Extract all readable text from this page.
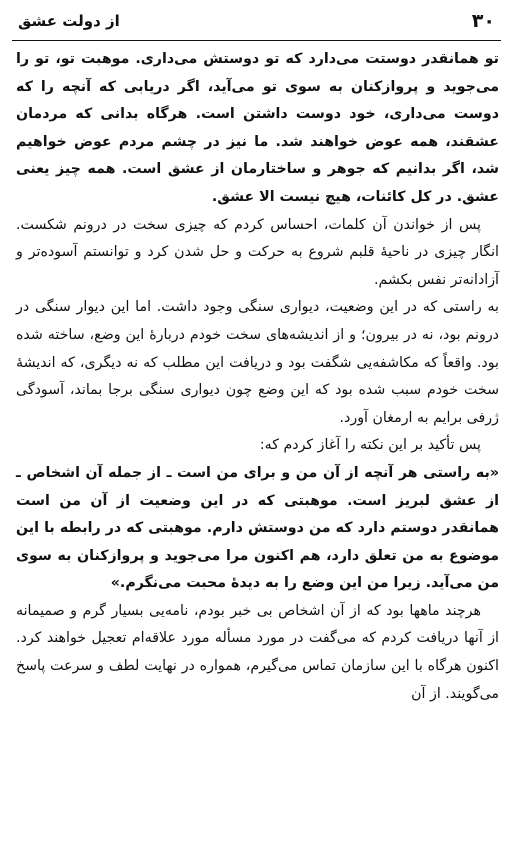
۳۰
از دولت عشق

تو همانقدر دوستت می‌دارد که تو دوستش می‌داری. موهبت تو، تو را می‌جوید و پروازکنان به سوی تو می‌آید، اگر دریابی که آنچه را که دوست می‌داری، خود دوست داشتن است. هرگاه بدانی که مردمان عشقند، همه عوض خواهند شد. ما نیز در چشم مردم عوض خواهیم شد، اگر بدانیم که جوهر و ساختارمان از عشق است. همه چیز یعنی عشق. در کل کائنات، هیچ نیست الا عشق.

پس از خواندن آن کلمات، احساس کردم که چیزی سخت در درونم شکست. انگار چیزی در ناحیهٔ قلبم شروع به حرکت و حل شدن کرد و توانستم آسوده‌تر و آزادانه‌تر نفس بکشم.

به راستی که در این وضعیت، دیواری سنگی وجود داشت. اما این دیوار سنگی در درونم بود، نه در بیرون؛ و از اندیشه‌های سخت خودم دربارهٔ این وضع، ساخته شده بود. واقعاً که مکاشفه‌یی شگفت بود و دریافت این مطلب که نه دیگری، که اندیشهٔ سخت خودم سبب شده بود که این وضع چون دیواری سنگی برجا بماند، آسودگی ژرفی برایم به ارمغان آورد.

پس تأکید بر این نکته را آغاز کردم که:

«به راستی هر آنچه از آن من و برای من است ـ از جمله آن اشخاص ـ از عشق لبریز است. موهبتی که در این وضعیت از آن من است همانقدر دوستم دارد که من دوستش دارم. موهبتی که در رابطه با این موضوع به من تعلق دارد، هم اکنون مرا می‌جوید و پروازکنان به سوی من می‌آید. زیرا من این وضع را به دیدهٔ محبت می‌نگرم.»

هرچند ماهها بود که از آن اشخاص بی خبر بودم، نامه‌یی بسیار گرم و صمیمانه از آنها دریافت کردم که می‌گفت در مورد مسأله مورد علاقه‌ام تعجیل خواهند کرد. اکنون هرگاه با این سازمان تماس می‌گیرم، همواره در نهایت لطف و سرعت پاسخ می‌گویند. از آن
